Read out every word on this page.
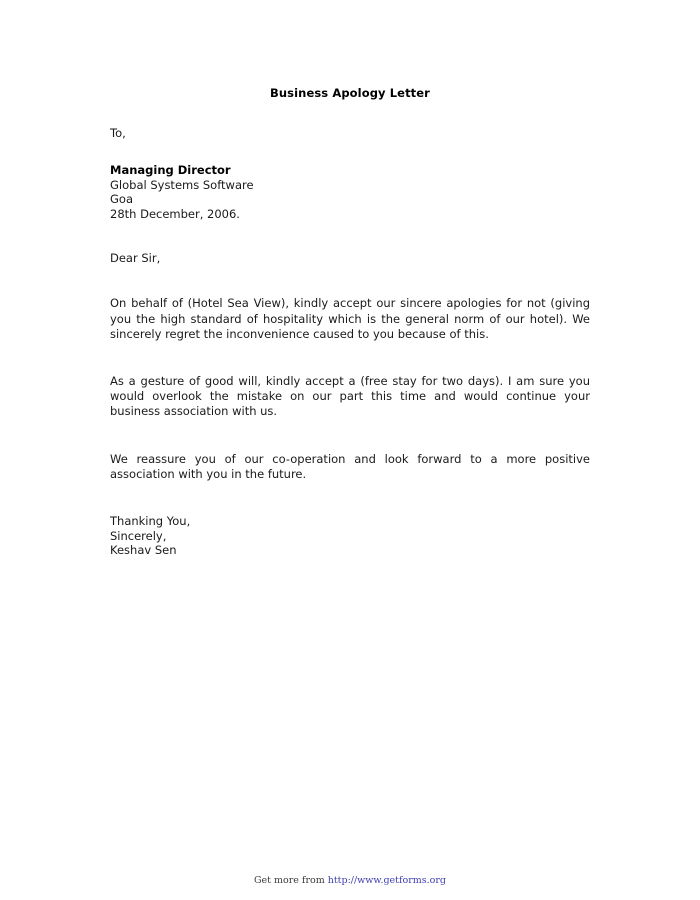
Business Apology Letter
To,
Managing Director
Global Systems Software
Goa
28th December, 2006.
Dear Sir,

On behalf of (Hotel Sea View), kindly accept our sincere apologies for not (giving you the high standard of hospitality which is the general norm of our hotel). We sincerely regret the inconvenience caused to you because of this.

As a gesture of good will, kindly accept a (free stay for two days). I am sure you would overlook the mistake on our part this time and would continue your business association with us.

We reassure you of our co-operation and look forward to a more positive association with you in the future.

Thanking You,
Sincerely,
Keshav Sen
Get more from http://www.getforms.org
